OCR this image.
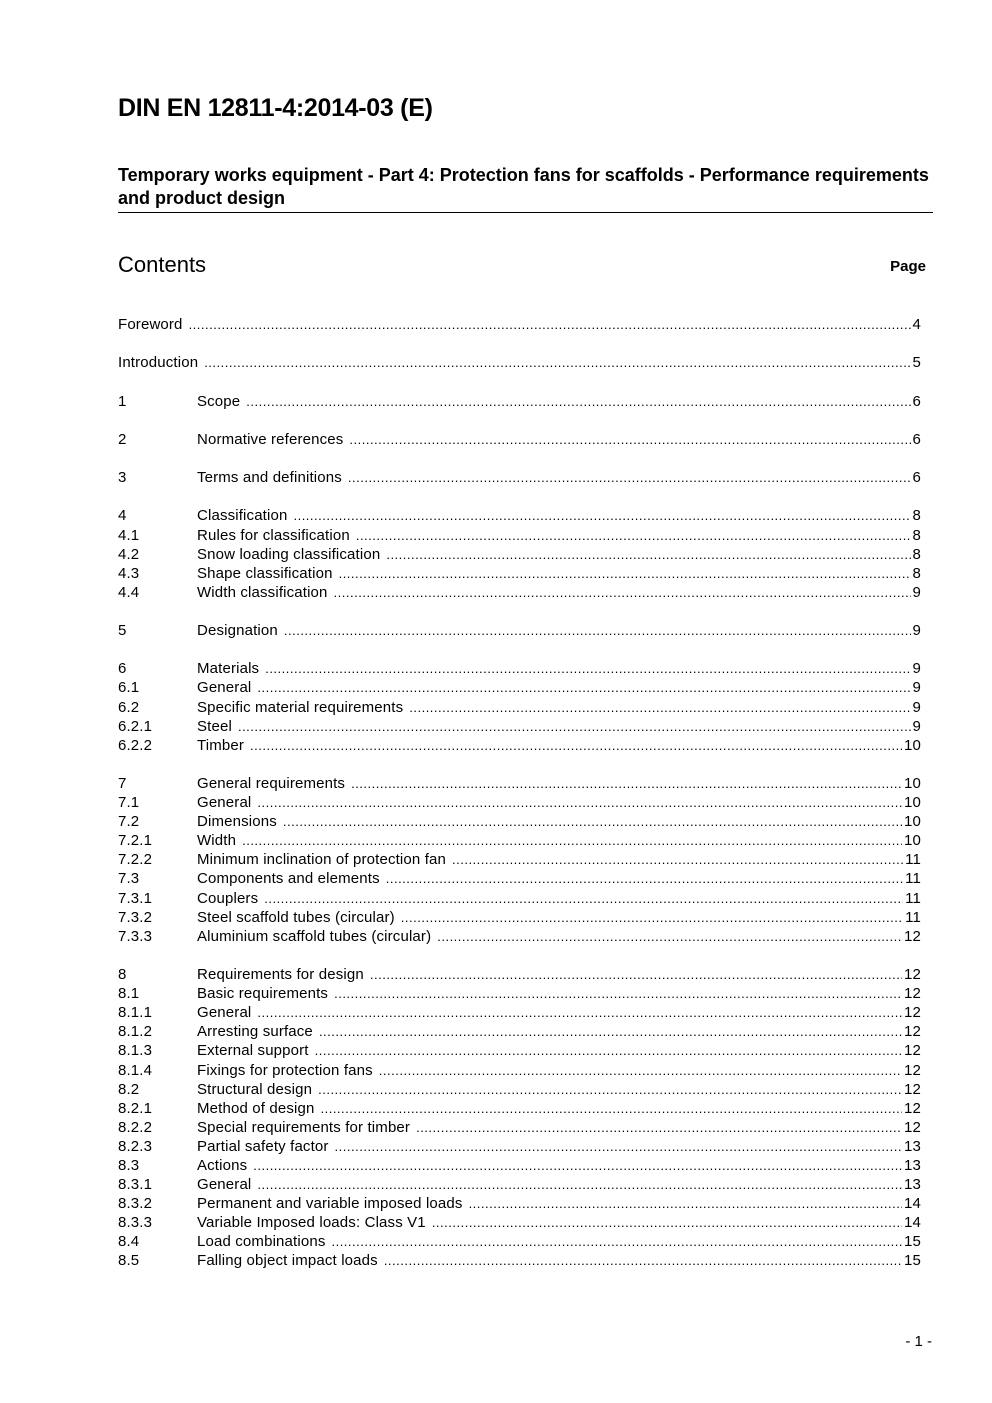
DIN EN 12811-4:2014-03 (E)
Temporary works equipment - Part 4: Protection fans for scaffolds - Performance requirements and product design
Contents	Page
Foreword .....	4
Introduction .....	5
1	Scope .....	6
2	Normative references .....	6
3	Terms and definitions .....	6
4	Classification .....	8
4.1	Rules for classification .....	8
4.2	Snow loading classification .....	8
4.3	Shape classification .....	8
4.4	Width classification .....	9
5	Designation .....	9
6	Materials .....	9
6.1	General .....	9
6.2	Specific material requirements .....	9
6.2.1	Steel .....	9
6.2.2	Timber .....	10
7	General requirements .....	10
7.1	General .....	10
7.2	Dimensions .....	10
7.2.1	Width .....	10
7.2.2	Minimum inclination of protection fan .....	11
7.3	Components and elements .....	11
7.3.1	Couplers .....	11
7.3.2	Steel scaffold tubes (circular) .....	11
7.3.3	Aluminium scaffold tubes (circular) .....	12
8	Requirements for design .....	12
8.1	Basic requirements .....	12
8.1.1	General .....	12
8.1.2	Arresting surface .....	12
8.1.3	External support .....	12
8.1.4	Fixings for protection fans .....	12
8.2	Structural design .....	12
8.2.1	Method of design .....	12
8.2.2	Special requirements for timber .....	12
8.2.3	Partial safety factor .....	13
8.3	Actions .....	13
8.3.1	General .....	13
8.3.2	Permanent and variable imposed loads .....	14
8.3.3	Variable Imposed loads: Class V1 .....	14
8.4	Load combinations .....	15
8.5	Falling object impact loads .....	15
- 1 -
